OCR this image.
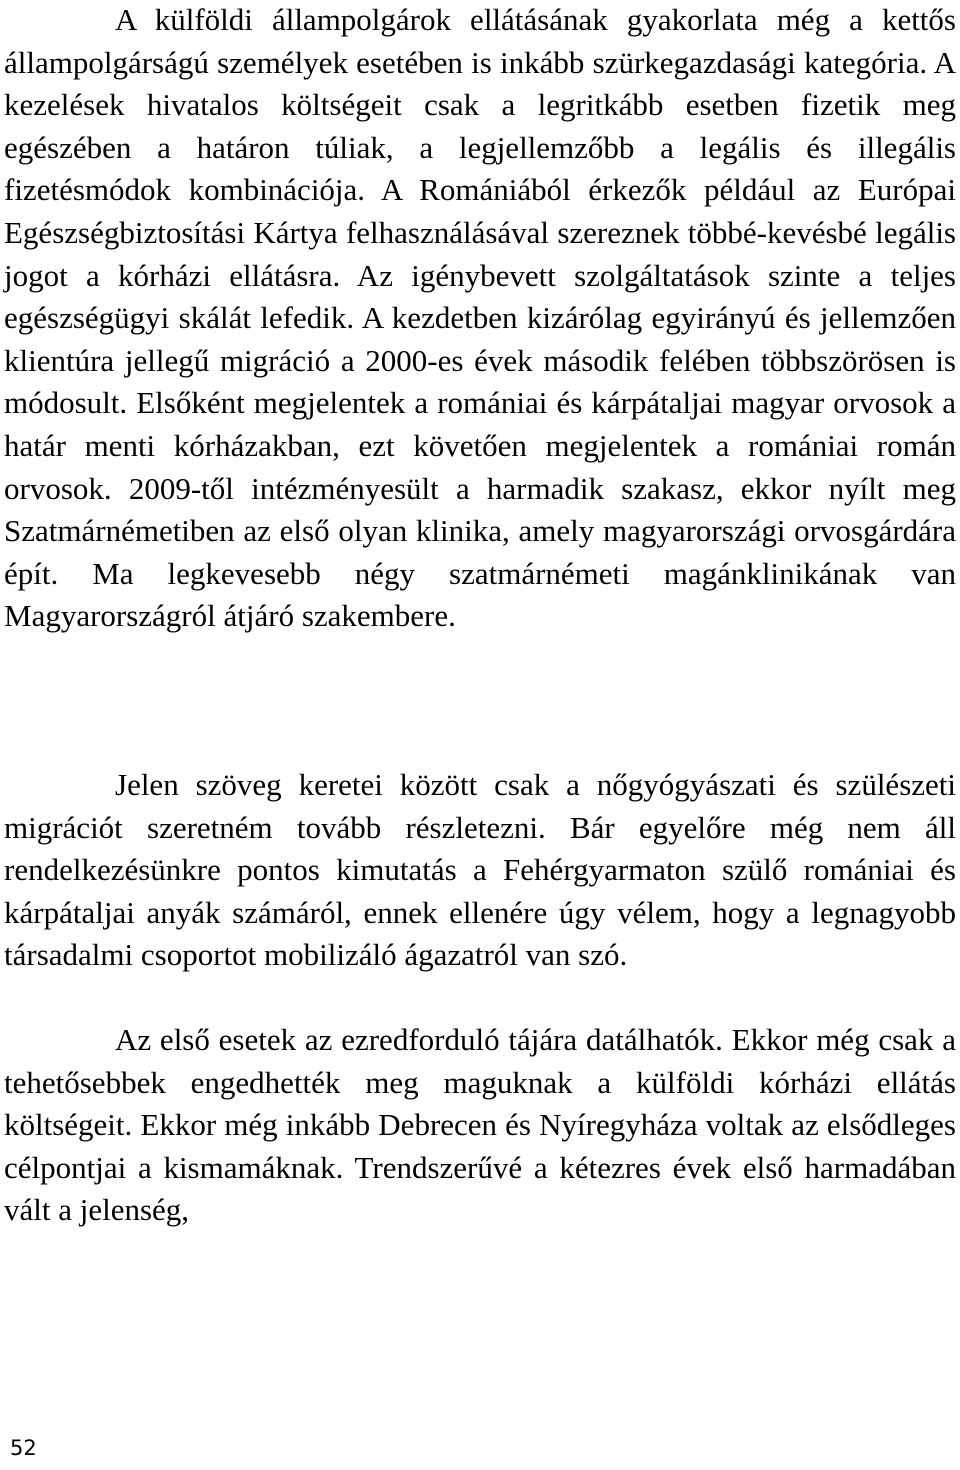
A külföldi állampolgárok ellátásának gyakorlata még a kettős állampolgárságú személyek esetében is inkább szürkegazdasági kategória. A kezelések hivatalos költségeit csak a legritkább esetben fizetik meg egészében a határon túliak, a legjellemzőbb a legális és illegális fizetésmódok kombinációja. A Romániából érkezők például az Európai Egészségbiztosítási Kártya felhasználásával szereznek többé-kevésbé legális jogot a kórházi ellátásra. Az igénybevett szolgáltatások szinte a teljes egészségügyi skálát lefedik. A kezdetben kizárólag egyirányú és jellemzően klientúra jellegű migráció a 2000-es évek második felében többszörösen is módosult. Elsőként megjelentek a romániai és kárpátaljai magyar orvosok a határ menti kórházakban, ezt követően megjelentek a romániai román orvosok. 2009-től intézményesült a harmadik szakasz, ekkor nyílt meg Szatmárnémetiben az első olyan klinika, amely magyarországi orvosgárdára épít. Ma legkevesebb négy szatmárnémeti magánklinikának van Magyarországról átjáró szakembere.

Jelen szöveg keretei között csak a nőgyógyászati és szülészeti migrációt szeretném tovább részletezni. Bár egyelőre még nem áll rendelkezésünkre pontos kimutatás a Fehérgyarmaton szülő romániai és kárpátaljai anyák számáról, ennek ellenére úgy vélem, hogy a legnagyobb társadalmi csoportot mobilizáló ágazatról van szó.

Az első esetek az ezredforduló tájára datálhatók. Ekkor még csak a tehetősebbek engedhették meg maguknak a külföldi kórházi ellátás költségeit. Ekkor még inkább Debrecen és Nyíregyháza voltak az elsődleges célpontjai a kismamáknak. Trendszerűvé a kétezres évek első harmadában vált a jelenség,

52
